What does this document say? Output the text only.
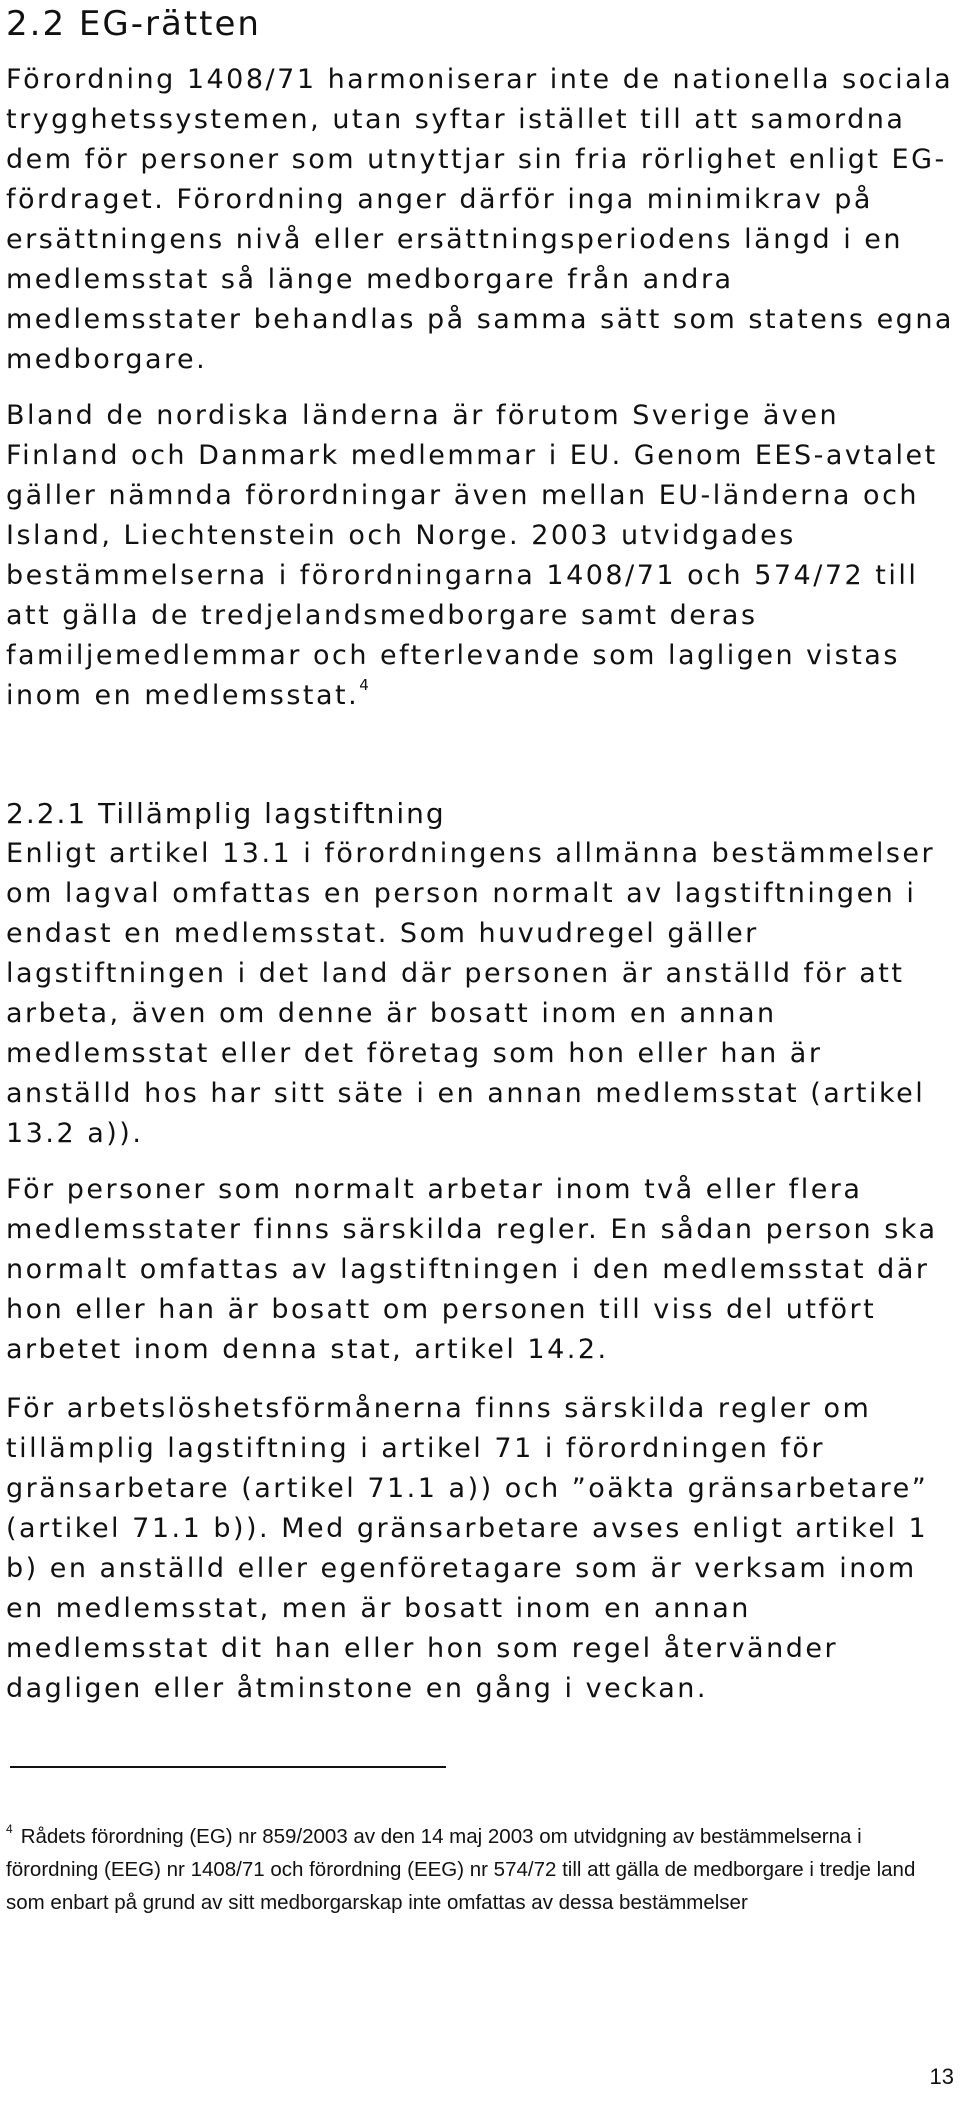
2.2 EG-rätten

Förordning 1408/71 harmoniserar inte de nationella sociala trygghetssystemen, utan syftar istället till att samordna dem för personer som utnyttjar sin fria rörlighet enligt EG-fördraget. Förordning anger därför inga minimikrav på ersättningens nivå eller ersättningsperiodens längd i en medlemsstat så länge medborgare från andra medlemsstater behandlas på samma sätt som statens egna medborgare.

Bland de nordiska länderna är förutom Sverige även Finland och Danmark medlemmar i EU. Genom EES-avtalet gäller nämnda förordningar även mellan EU-länderna och Island, Liechtenstein och Norge. 2003 utvidgades bestämmelserna i förordningarna 1408/71 och 574/72 till att gälla de tredjelandsmedborgare samt deras familjemedlemmar och efterlevande som lagligen vistas inom en medlemsstat.$^4$

2.2.1 Tillämplig lagstiftning

Enligt artikel 13.1 i förordningens allmänna bestämmelser om lagval omfattas en person normalt av lagstiftningen i endast en medlemsstat. Som huvudregel gäller lagstiftningen i det land där personen är anställd för att arbeta, även om denne är bosatt inom en annan medlemsstat eller det företag som hon eller han är anställd hos har sitt säte i en annan medlemsstat (artikel 13.2 a)).

För personer som normalt arbetar inom två eller flera medlemsstater finns särskilda regler. En sådan person ska normalt omfattas av lagstiftningen i den medlemsstat där hon eller han är bosatt om personen till viss del utfört arbetet inom denna stat, artikel 14.2.

För arbetslöshetsförmånerna finns särskilda regler om tillämplig lagstiftning i artikel 71 i förordningen för gränsarbetare (artikel 71.1 a)) och ”oäkta gränsarbetare” (artikel 71.1 b)). Med gränsarbetare avses enligt artikel 1 b) en anställd eller egenföretagare som är verksam inom en medlemsstat, men är bosatt inom en annan medlemsstat dit han eller hon som regel återvänder dagligen eller åtminstone en gång i veckan.

$^4$ Rådets förordning (EG) nr 859/2003 av den 14 maj 2003 om utvidgning av bestämmelserna i förordning (EEG) nr 1408/71 och förordning (EEG) nr 574/72 till att gälla de medborgare i tredje land som enbart på grund av sitt medborgarskap inte omfattas av dessa bestämmelser

13
